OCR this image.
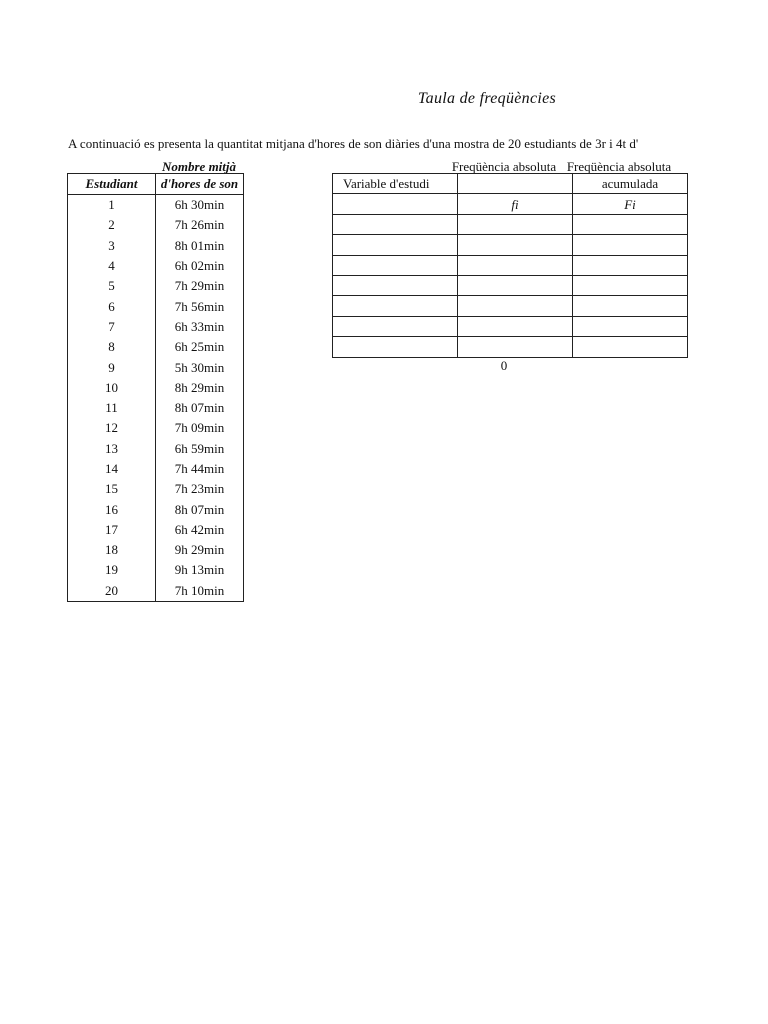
Taula de freqüències
A continuació es presenta la quantitat mitjana d'hores de son diàries d'una mostra de 20 estudiants de 3r i 4t d'
Nombre mitjà
Estudiant	d'hores de son
1	6h 30min
2	7h 26min
3	8h 01min
4	6h 02min
5	7h 29min
6	7h 56min
7	6h 33min
8	6h 25min
9	5h 30min
10	8h 29min
11	8h 07min
12	7h 09min
13	6h 59min
14	7h 44min
15	7h 23min
16	8h 07min
17	6h 42min
18	9h 29min
19	9h 13min
20	7h 10min
Freqüència absoluta Freqüència absoluta
Variable d'estudi		acumulada
	fi	Fi

0
